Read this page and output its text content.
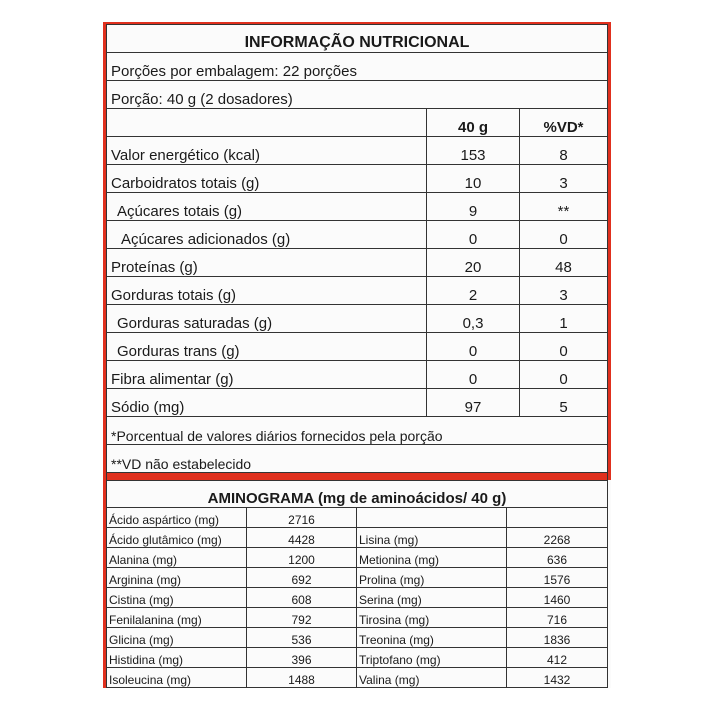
INFORMAÇÃO NUTRICIONAL		
Porções por embalagem: 22 porções		
Porção: 40 g (2 dosadores)		
	40 g	%VD*
Valor energético (kcal)	153	8
Carboidratos totais (g)	10	3
Açúcares totais (g)	9	**
Açúcares adicionados (g)	0	0
Proteínas (g)	20	48
Gorduras totais (g)	2	3
Gorduras saturadas (g)	0,3	1
Gorduras trans (g)	0	0
Fibra alimentar (g)	0	0
Sódio (mg)	97	5
*Porcentual de valores diários fornecidos pela porção		
**VD não estabelecido		

AMINOGRAMA (mg de aminoácidos/ 40 g)			
Ácido aspártico (mg)	2716		
Ácido glutâmico (mg)	4428	Lisina (mg)	2268
Alanina (mg)	1200	Metionina (mg)	636
Arginina (mg)	692	Prolina (mg)	1576
Cistina (mg)	608	Serina (mg)	1460
Fenilalanina (mg)	792	Tirosina (mg)	716
Glicina (mg)	536	Treonina (mg)	1836
Histidina (mg)	396	Triptofano (mg)	412
Isoleucina (mg)	1488	Valina (mg)	1432
